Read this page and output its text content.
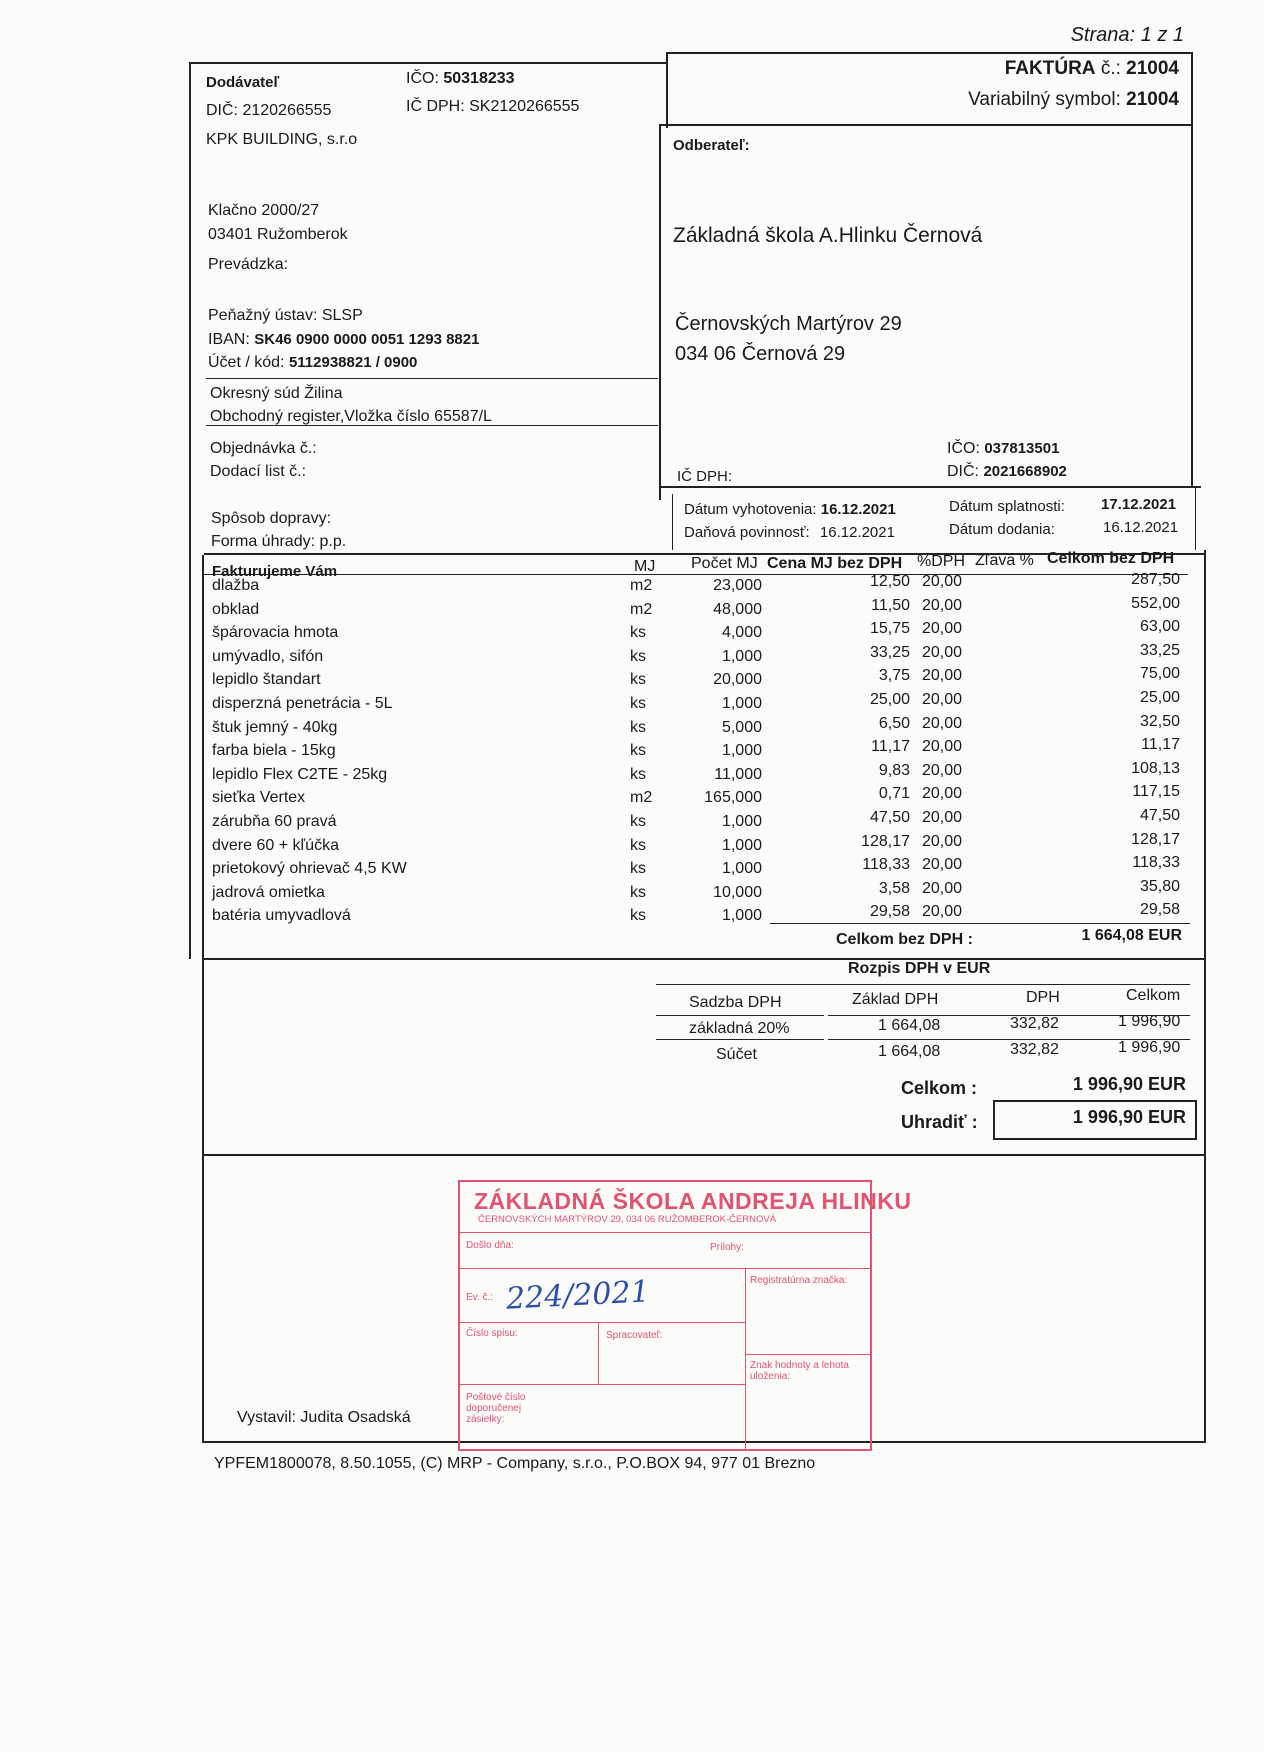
Strana: 1 z 1
Dodávateľ	IČO: 50318233
DIČ: 2120266555	IČ DPH: SK2120266555
KPK BUILDING, s.r.o
Klačno 2000/27
03401 Ružomberok
Prevádzka:
Peňažný ústav: SLSP
IBAN: SK46 0900 0000 0051 1293 8821
Účet / kód: 5112938821 / 0900
Okresný súd Žilina
Obchodný register,Vložka číslo 65587/L
FAKTÚRA č.: 21004
Variabilný symbol: 21004
Odberateľ:
Základná škola A.Hlinku Černová
Černovských Martýrov 29
034 06 Černová 29
IČO: 037813501
DIČ: 2021668902
IČ DPH:
Objednávka č.:
Dodací list č.:
Spôsob dopravy:
Forma úhrady: p.p.
Dátum vyhotovenia: 16.12.2021	Dátum splatnosti: 17.12.2021
Daňová povinnosť: 16.12.2021	Dátum dodania:	16.12.2021
Fakturujeme Vám	MJ Počet MJ Cena MJ bez DPH %DPH Zľava % Celkom bez DPH
dlažba	m2	23,000	12,50 20,00	287,50
obklad	m2	48,000	11,50 20,00	552,00
špárovacia hmota	ks	4,000	15,75 20,00	63,00
umývadlo, sifón	ks	1,000	33,25 20,00	33,25
lepidlo štandart	ks	20,000	3,75 20,00	75,00
disperzná penetrácia - 5L	ks	1,000	25,00 20,00	25,00
štuk jemný - 40kg	ks	5,000	6,50 20,00	32,50
farba biela - 15kg	ks	1,000	11,17 20,00	11,17
lepidlo Flex C2TE - 25kg	ks	11,000	9,83 20,00	108,13
sieťka Vertex	m2	165,000	0,71 20,00	117,15
zárubňa 60 pravá	ks	1,000	47,50 20,00	47,50
dvere 60 + kľúčka	ks	1,000	128,17 20,00	128,17
prietokový ohrievač 4,5 KW	ks	1,000	118,33 20,00	118,33
jadrová omietka	ks	10,000	3,58 20,00	35,80
batéria umyvadlová	ks	1,000	29,58 20,00	29,58
Celkom bez DPH :	1 664,08 EUR
Rozpis DPH v EUR
Sadzba DPH	Základ DPH	DPH	Celkom
základná 20%	1 664,08	332,82	1 996,90
Súčet	1 664,08	332,82	1 996,90
Celkom :	1 996,90 EUR
Uhradiť :	1 996,90 EUR
Vystavil: Judita Osadská
YPFEM1800078, 8.50.1055, (C) MRP - Company, s.r.o., P.O.BOX 94, 977 01 Brezno
ZÁKLADNÁ ŠKOLA ANDREJA HLINKU
ČERNOVSKÝCH MARTÝROV 29, 034 06 RUŽOMBEROK-ČERNOVÁ
Došlo dňa:	Prílohy:
Registratúrna značka:
Ev. č.: 224/2021
Číslo spisu:	Spracovateľ:
Znak hodnoty a lehota uloženia:
Poštové číslo doporučenej zásielky:
